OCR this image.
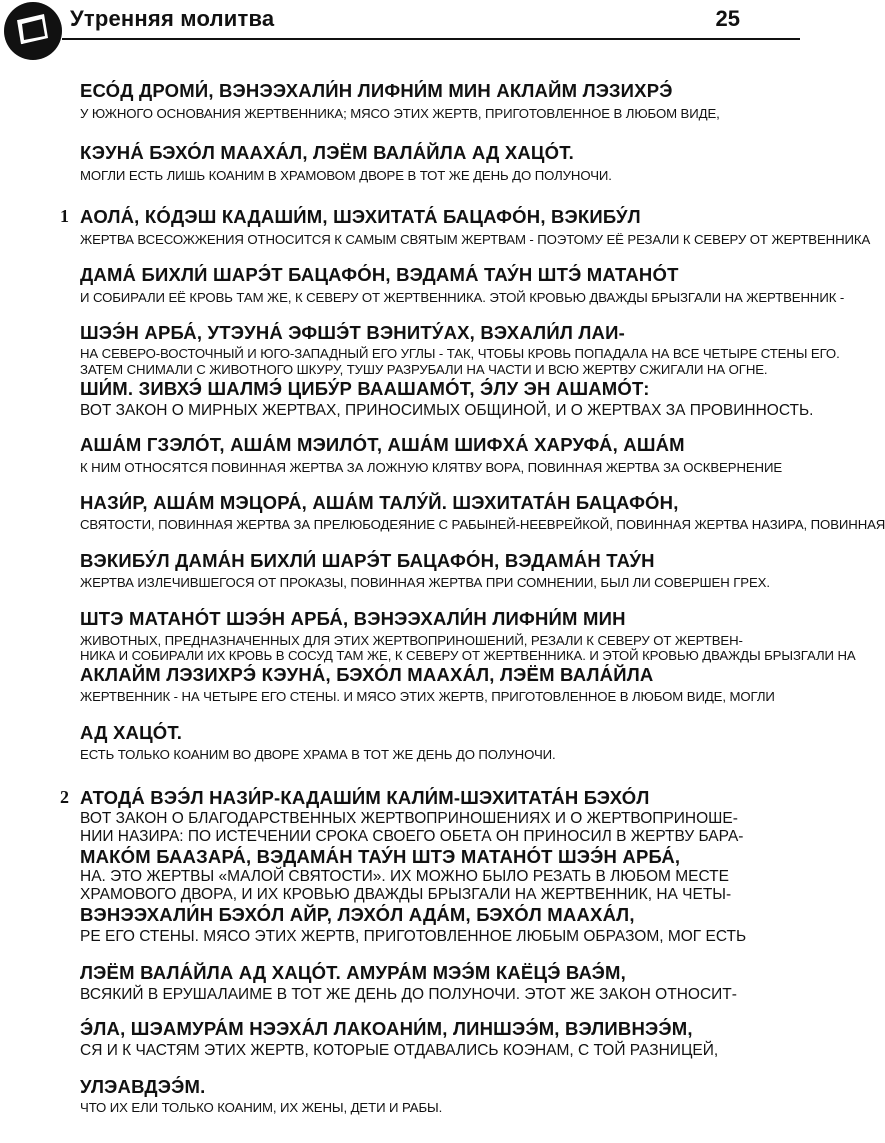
Утренняя молитва	25
1
2
ЕСО́Д ДРОМИ́, ВЭНЭЭХАЛИ́Н ЛИФНИ́М МИН АКЛАЙМ ЛЭЗИХРЭ́
У ЮЖНОГО ОСНОВАНИЯ ЖЕРТВЕННИКА; МЯСО ЭТИХ ЖЕРТВ, ПРИГОТОВЛЕННОЕ В ЛЮБОМ ВИДЕ,
КЭУНА́ БЭХО́Л МААХА́Л, ЛЭЁМ ВАЛА́ЙЛА АД ХАЦО́Т.
МОГЛИ ЕСТЬ ЛИШЬ КОАНИМ В ХРАМОВОМ ДВОРЕ В ТОТ ЖЕ ДЕНЬ ДО ПОЛУНОЧИ.
АОЛА́, КО́ДЭШ КАДАШИ́М, ШЭХИТАТА́ БАЦАФО́Н, ВЭКИБУ́Л
ЖЕРТВА ВСЕСОЖЖЕНИЯ ОТНОСИТСЯ К САМЫМ СВЯТЫМ ЖЕРТВАМ - ПОЭТОМУ ЕЁ РЕЗАЛИ К СЕВЕРУ ОТ ЖЕРТВЕННИКА
ДАМА́ БИХЛИ́ ШАРЭ́Т БАЦАФО́Н, ВЭДАМА́ ТАУ́Н ШТЭ́ МАТАНО́Т
И СОБИРАЛИ ЕЁ КРОВЬ ТАМ ЖЕ, К СЕВЕРУ ОТ ЖЕРТВЕННИКА. ЭТОЙ КРОВЬЮ ДВАЖДЫ БРЫЗГАЛИ НА ЖЕРТВЕННИК -
ШЭЭ́Н АРБА́, УТЭУНА́ ЭФШЭ́Т ВЭНИТУ́АХ, ВЭХАЛИ́Л ЛАИ-
НА СЕВЕРО-ВОСТОЧНЫЙ И ЮГО-ЗАПАДНЫЙ ЕГО УГЛЫ - ТАК, ЧТОБЫ КРОВЬ ПОПАДАЛА НА ВСЕ ЧЕТЫРЕ СТЕНЫ ЕГО.
ЗАТЕМ СНИМАЛИ С ЖИВОТНОГО ШКУРУ, ТУШУ РАЗРУБАЛИ НА ЧАСТИ И ВСЮ ЖЕРТВУ СЖИГАЛИ НА ОГНЕ.
ШИ́М. ЗИВХЭ́ ШАЛМЭ́ ЦИБУ́Р ВААШАМО́Т, Э́ЛУ ЭН АШАМО́Т:
ВОТ ЗАКОН О МИРНЫХ ЖЕРТВАХ, ПРИНОСИМЫХ ОБЩИНОЙ, И О ЖЕРТВАХ ЗА ПРОВИННОСТЬ.
АША́М ГЗЭЛО́Т, АША́М МЭИЛО́Т, АША́М ШИФХА́ ХАРУФА́, АША́М
К НИМ ОТНОСЯТСЯ ПОВИННАЯ ЖЕРТВА ЗА ЛОЖНУЮ КЛЯТВУ ВОРА, ПОВИННАЯ ЖЕРТВА ЗА ОСКВЕРНЕНИЕ
НАЗИ́Р, АША́М МЭЦОРА́, АША́М ТАЛУ́Й. ШЭХИТАТА́Н БАЦАФО́Н,
СВЯТОСТИ, ПОВИННАЯ ЖЕРТВА ЗА ПРЕЛЮБОДЕЯНИЕ С РАБЫНЕЙ-НЕЕВРЕЙКОЙ, ПОВИННАЯ ЖЕРТВА НАЗИРА, ПОВИННАЯ
ВЭКИБУ́Л ДАМА́Н БИХЛИ́ ШАРЭ́Т БАЦАФО́Н, ВЭДАМА́Н ТАУ́Н
ЖЕРТВА ИЗЛЕЧИВШЕГОСЯ ОТ ПРОКАЗЫ, ПОВИННАЯ ЖЕРТВА ПРИ СОМНЕНИИ, БЫЛ ЛИ СОВЕРШЕН ГРЕХ.
ШТЭ МАТАНО́Т ШЭЭ́Н АРБА́, ВЭНЭЭХАЛИ́Н ЛИФНИ́М МИН
ЖИВОТНЫХ, ПРЕДНАЗНАЧЕННЫХ ДЛЯ ЭТИХ ЖЕРТВОПРИНОШЕНИЙ, РЕЗАЛИ К СЕВЕРУ ОТ ЖЕРТВЕН-
НИКА И СОБИРАЛИ ИХ КРОВЬ В СОСУД ТАМ ЖЕ, К СЕВЕРУ ОТ ЖЕРТВЕННИКА. И ЭТОЙ КРОВЬЮ ДВАЖДЫ БРЫЗГАЛИ НА
АКЛАЙМ ЛЭЗИХРЭ́ КЭУНА́, БЭХО́Л МААХА́Л, ЛЭЁМ ВАЛА́ЙЛА
ЖЕРТВЕННИК - НА ЧЕТЫРЕ ЕГО СТЕНЫ. И МЯСО ЭТИХ ЖЕРТВ, ПРИГОТОВЛЕННОЕ В ЛЮБОМ ВИДЕ, МОГЛИ
АД ХАЦО́Т.
ЕСТЬ ТОЛЬКО КОАНИМ ВО ДВОРЕ ХРАМА В ТОТ ЖЕ ДЕНЬ ДО ПОЛУНОЧИ.
АТОДА́ ВЭЭ́Л НАЗИ́Р-КАДАШИ́М КАЛИ́М-ШЭХИТАТА́Н БЭХО́Л
ВОТ ЗАКОН О БЛАГОДАРСТВЕННЫХ ЖЕРТВОПРИНОШЕНИЯХ И О ЖЕРТВОПРИНОШЕ-
НИИ НАЗИРА: ПО ИСТЕЧЕНИИ СРОКА СВОЕГО ОБЕТА ОН ПРИНОСИЛ В ЖЕРТВУ БАРА-
МАКО́М БААЗАРА́, ВЭДАМА́Н ТАУ́Н ШТЭ МАТАНО́Т ШЭЭ́Н АРБА́,
НА. ЭТО ЖЕРТВЫ «МАЛОЙ СВЯТОСТИ». ИХ МОЖНО БЫЛО РЕЗАТЬ В ЛЮБОМ МЕСТЕ
ХРАМОВОГО ДВОРА, И ИХ КРОВЬЮ ДВАЖДЫ БРЫЗГАЛИ НА ЖЕРТВЕННИК, НА ЧЕТЫ-
ВЭНЭЭХАЛИ́Н БЭХО́Л АЙР, ЛЭХО́Л АДА́М, БЭХО́Л МААХА́Л,
РЕ ЕГО СТЕНЫ. МЯСО ЭТИХ ЖЕРТВ, ПРИГОТОВЛЕННОЕ ЛЮБЫМ ОБРАЗОМ, МОГ ЕСТЬ
ЛЭЁМ ВАЛА́ЙЛА АД ХАЦО́Т. АМУРА́М МЭЭ́М КАЁЦЭ́ ВАЭ́М,
ВСЯКИЙ В ЕРУШАЛАИМЕ В ТОТ ЖЕ ДЕНЬ ДО ПОЛУНОЧИ. ЭТОТ ЖЕ ЗАКОН ОТНОСИТ-
Э́ЛА, ШЭАМУРА́М НЭЭХА́Л ЛАКОАНИ́М, ЛИНШЭЭ́М, ВЭЛИВНЭЭ́М,
СЯ И К ЧАСТЯМ ЭТИХ ЖЕРТВ, КОТОРЫЕ ОТДАВАЛИСЬ КОЭНАМ, С ТОЙ РАЗНИЦЕЙ,
УЛЭАВДЭЭ́М.
ЧТО ИХ ЕЛИ ТОЛЬКО КОАНИМ, ИХ ЖЕНЫ, ДЕТИ И РАБЫ.
